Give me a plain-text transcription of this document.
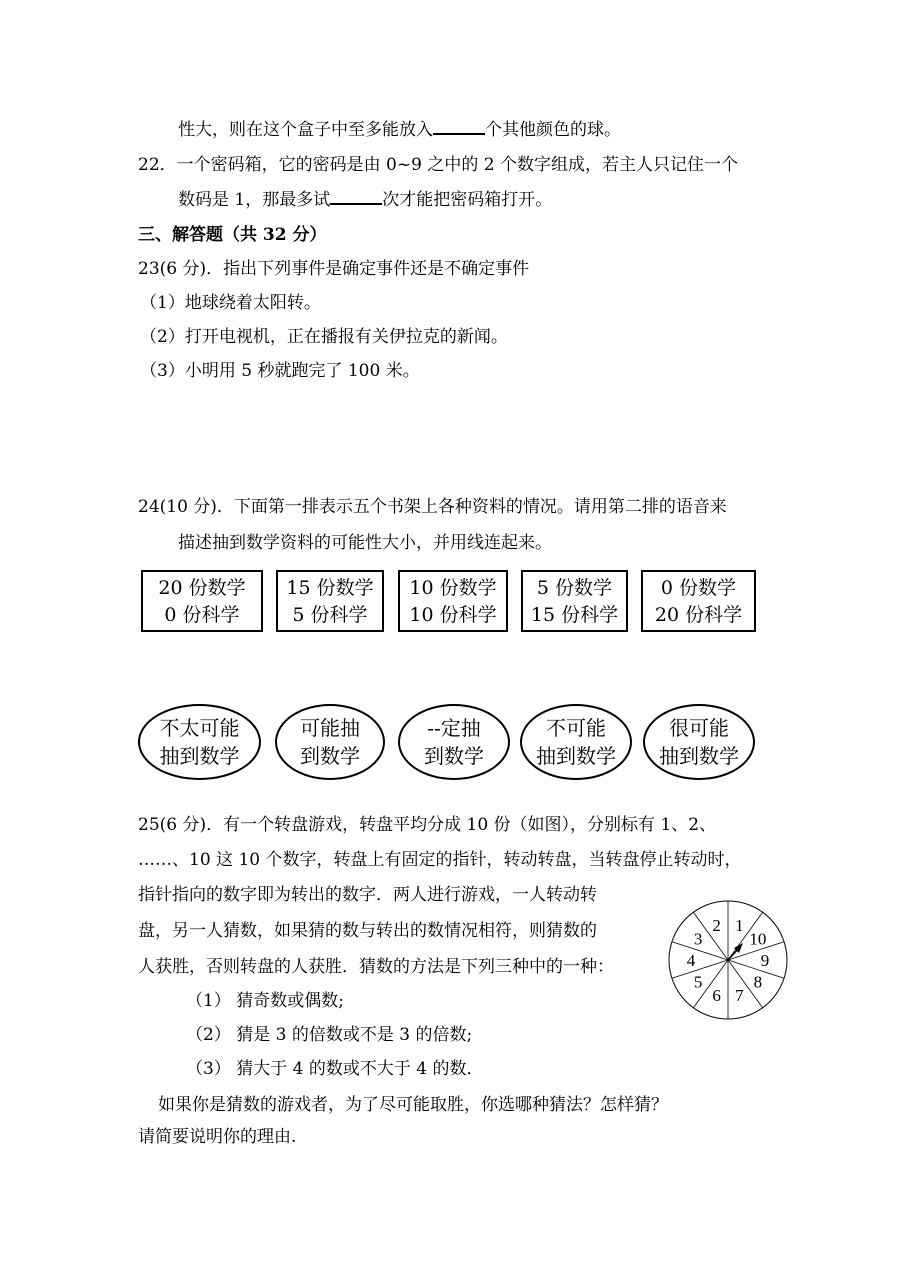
性大，则在这个盒子中至多能放入	个其他颜色的球。
22．一个密码箱，它的密码是由 0~9 之中的 2 个数字组成，若主人只记住一个
数码是 1，那最多试	次才能把密码箱打开。
三、解答题（共 32 分）
23(6 分)．指出下列事件是确定事件还是不确定事件
（1）地球绕着太阳转。
（2）打开电视机，正在播报有关伊拉克的新闻。
（3）小明用 5 秒就跑完了 100 米。
24(10 分)．下面第一排表示五个书架上各种资料的情况。请用第二排的语音来
描述抽到数学资料的可能性大小，并用线连起来。
20 份数学
0 份科学
15 份数学
5 份科学
10 份数学
10 份科学
5 份数学
15 份科学
0 份数学
20 份科学
不太可能
抽到数学
可能抽
到数学
--定抽
到数学
不可能
抽到数学
很可能
抽到数学
25(6 分)．有一个转盘游戏，转盘平均分成 10 份（如图），分别标有 1、2、
……、10 这 10 个数字，转盘上有固定的指针，转动转盘，当转盘停止转动时，
指针指向的数字即为转出的数字．两人进行游戏，一人转动转
盘，另一人猜数，如果猜的数与转出的数情况相符，则猜数的
人获胜，否则转盘的人获胜．猜数的方法是下列三种中的一种：
（1） 猜奇数或偶数;
（2） 猜是 3 的倍数或不是 3 的倍数;
（3） 猜大于 4 的数或不大于 4 的数．
如果你是猜数的游戏者，为了尽可能取胜，你选哪种猜法？怎样猜？
请简要说明你的理由.
2 1
10
9
8
7
6
5
4
3
